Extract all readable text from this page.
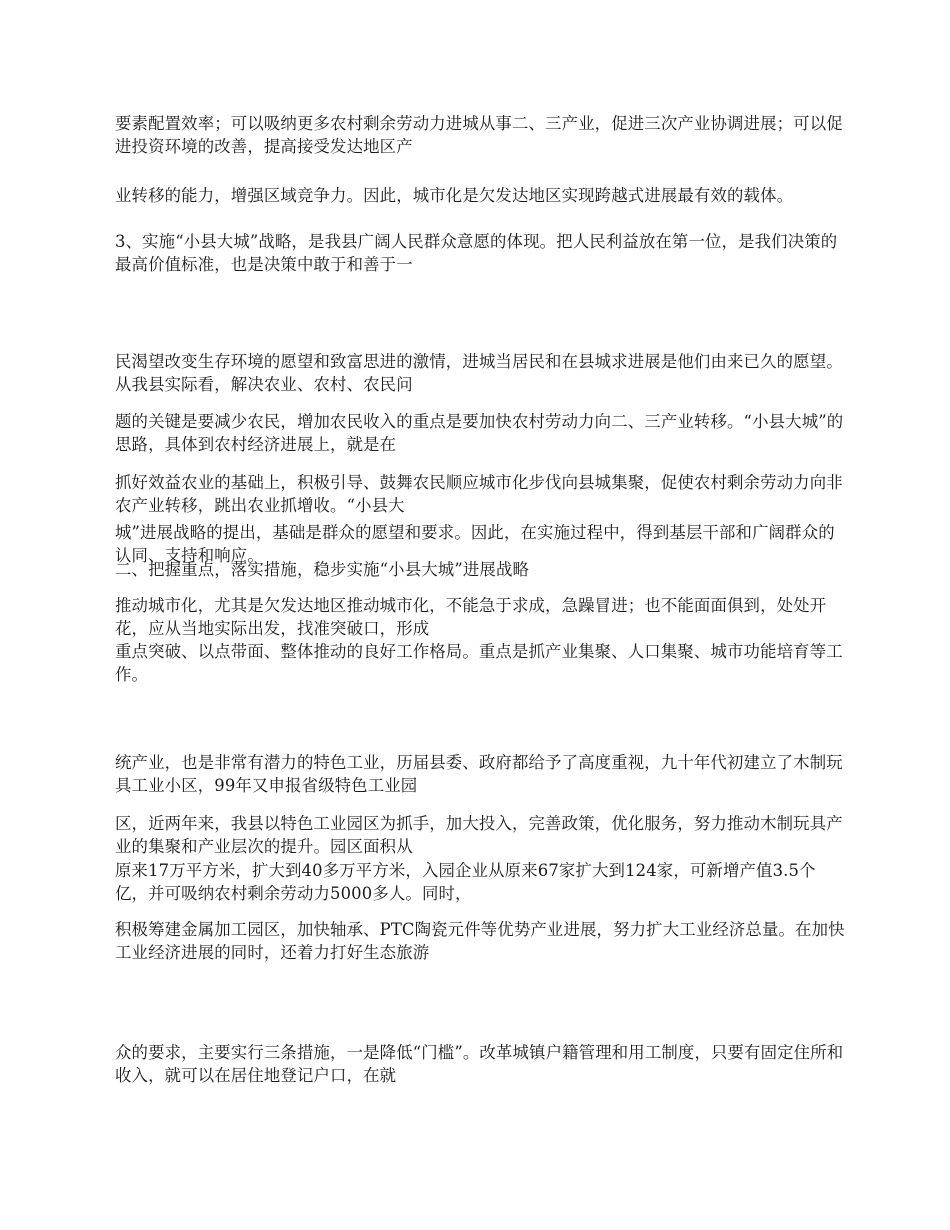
要素配置效率；可以吸纳更多农村剩余劳动力进城从事二、三产业，促进三次产业协调进展；可以促进投资环境的改善，提高接受发达地区产

业转移的能力，增强区域竞争力。因此，城市化是欠发达地区实现跨越式进展最有效的载体。

3、实施“小县大城”战略，是我县广阔人民群众意愿的体现。把人民利益放在第一位，是我们决策的最高价值标准，也是决策中敢于和善于一

民渴望改变生存环境的愿望和致富思进的激情，进城当居民和在县城求进展是他们由来已久的愿望。从我县实际看，解决农业、农村、农民问

题的关键是要减少农民，增加农民收入的重点是要加快农村劳动力向二、三产业转移。“小县大城”的思路，具体到农村经济进展上，就是在

抓好效益农业的基础上，积极引导、鼓舞农民顺应城市化步伐向县城集聚，促使农村剩余劳动力向非农产业转移，跳出农业抓增收。“小县大

城”进展战略的提出，基础是群众的愿望和要求。因此，在实施过程中，得到基层干部和广阔群众的认同、支持和响应。

二、把握重点，落实措施，稳步实施“小县大城”进展战略

推动城市化，尤其是欠发达地区推动城市化，不能急于求成，急躁冒进；也不能面面俱到，处处开花，应从当地实际出发，找准突破口，形成

重点突破、以点带面、整体推动的良好工作格局。重点是抓产业集聚、人口集聚、城市功能培育等工作。

统产业，也是非常有潜力的特色工业，历届县委、政府都给予了高度重视，九十年代初建立了木制玩具工业小区，99年又申报省级特色工业园

区，近两年来，我县以特色工业园区为抓手，加大投入，完善政策，优化服务，努力推动木制玩具产业的集聚和产业层次的提升。园区面积从

原来17万平方米，扩大到40多万平方米，入园企业从原来67家扩大到124家，可新增产值3.5个亿，并可吸纳农村剩余劳动力5000多人。同时，

积极筹建金属加工园区，加快轴承、PTC陶瓷元件等优势产业进展，努力扩大工业经济总量。在加快工业经济进展的同时，还着力打好生态旅游

众的要求，主要实行三条措施，一是降低“门槛”。改革城镇户籍管理和用工制度，只要有固定住所和收入，就可以在居住地登记户口，在就
